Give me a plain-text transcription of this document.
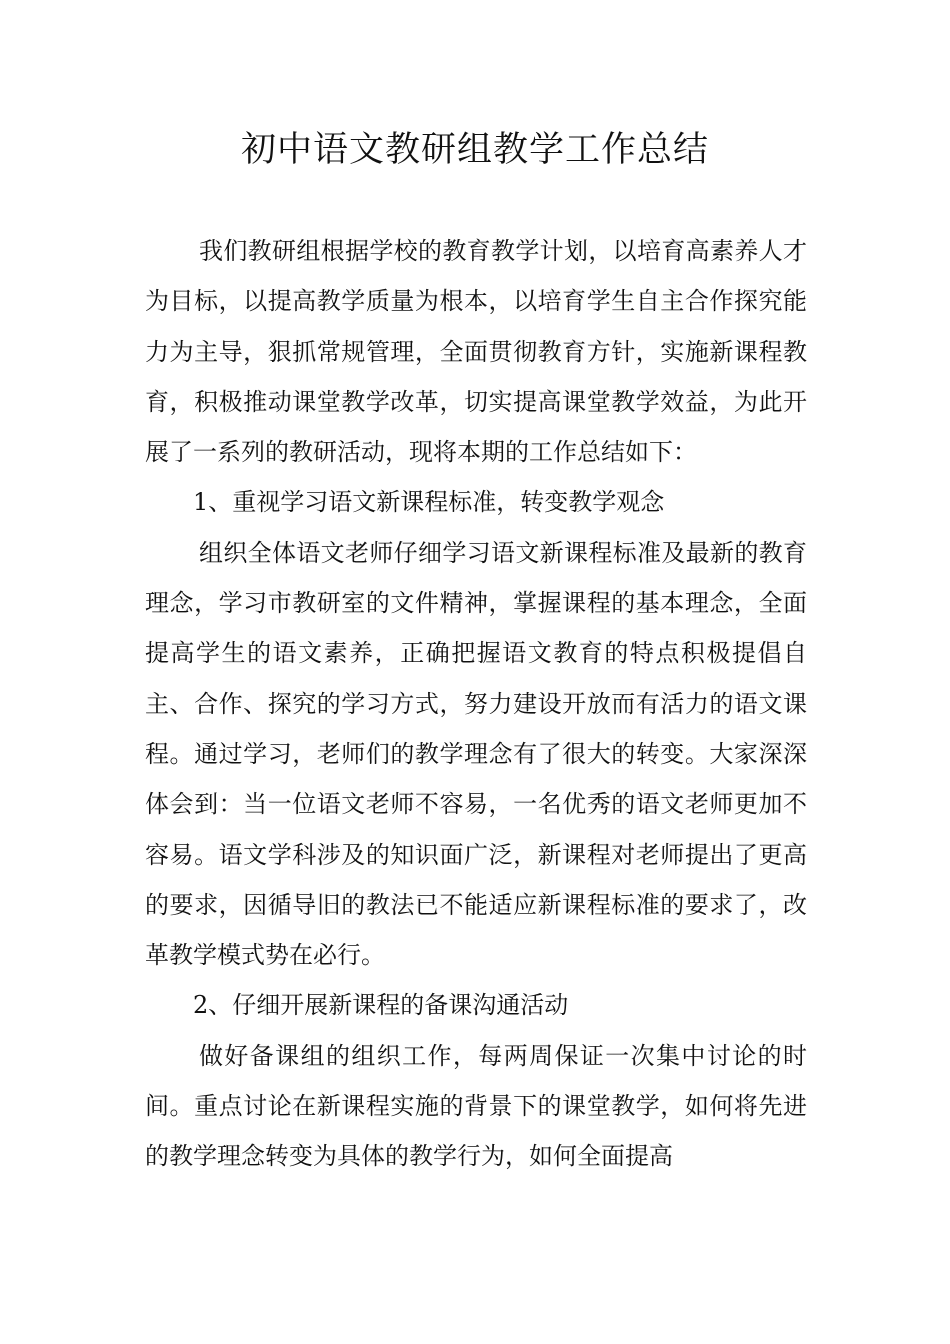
初中语文教研组教学工作总结

我们教研组根据学校的教育教学计划，以培育高素养人才为目标，以提高教学质量为根本，以培育学生自主合作探究能力为主导，狠抓常规管理，全面贯彻教育方针，实施新课程教育，积极推动课堂教学改革，切实提高课堂教学效益，为此开展了一系列的教研活动，现将本期的工作总结如下：

1、重视学习语文新课程标准，转变教学观念

组织全体语文老师仔细学习语文新课程标准及最新的教育理念，学习市教研室的文件精神，掌握课程的基本理念，全面提高学生的语文素养，正确把握语文教育的特点积极提倡自主、合作、探究的学习方式，努力建设开放而有活力的语文课程。通过学习，老师们的教学理念有了很大的转变。大家深深体会到：当一位语文老师不容易，一名优秀的语文老师更加不容易。语文学科涉及的知识面广泛，新课程对老师提出了更高的要求，因循导旧的教法已不能适应新课程标准的要求了，改革教学模式势在必行。

2、仔细开展新课程的备课沟通活动

做好备课组的组织工作，每两周保证一次集中讨论的时间。重点讨论在新课程实施的背景下的课堂教学，如何将先进的教学理念转变为具体的教学行为，如何全面提高
